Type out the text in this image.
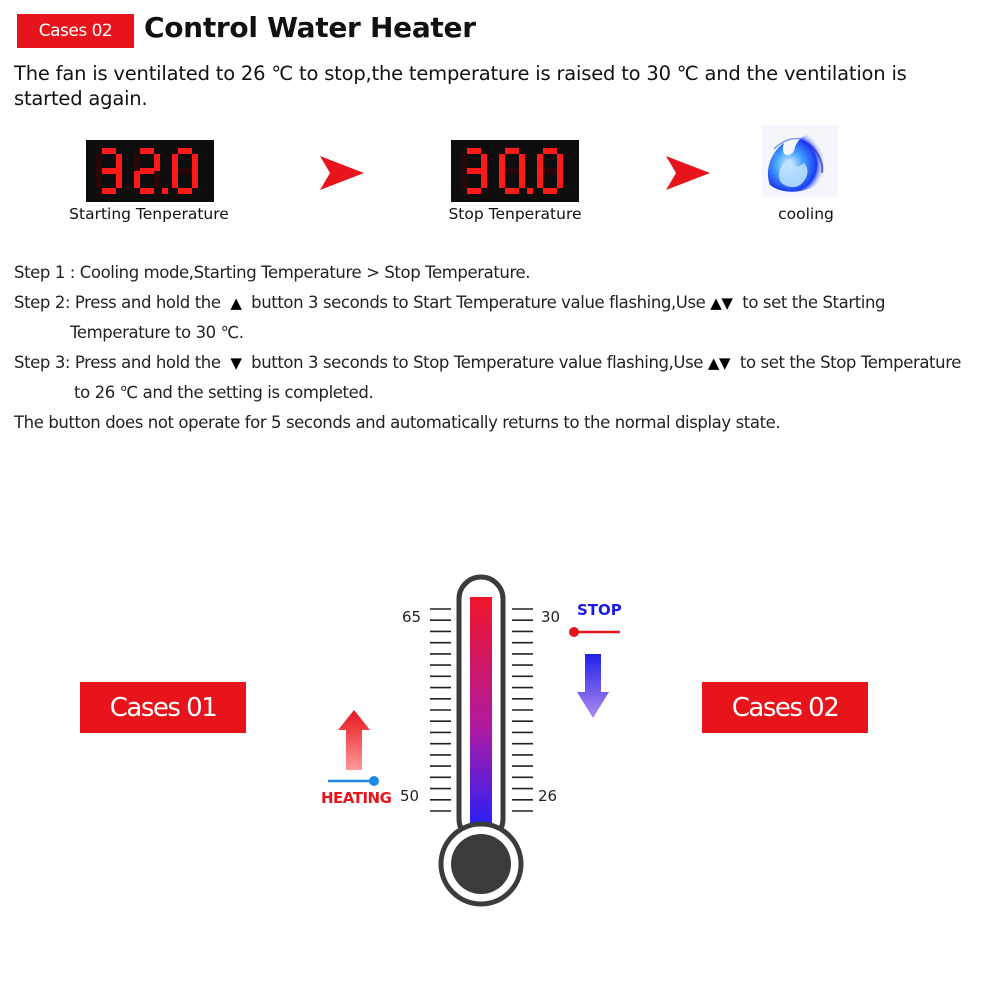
Cases 02	Control Water Heater
The fan is ventilated to 26 ℃ to stop,the temperature is raised to 30 ℃ and the ventilation is started again.
Starting Tenperature	Stop Tenperature	cooling
Step 1 : Cooling mode,Starting Temperature > Stop Temperature.
Step 2: Press and hold the ▲ button 3 seconds to Start Temperature value flashing,Use ▲▼ to set the Starting
Temperature to 30 ℃.
Step 3: Press and hold the ▼ button 3 seconds to Stop Temperature value flashing,Use ▲▼ to set the Stop Temperature
to 26 ℃ and the setting is completed.
The button does not operate for 5 seconds and automatically returns to the normal display state.
Cases 01	Cases 02
65
50
30
26
STOP
HEATING
